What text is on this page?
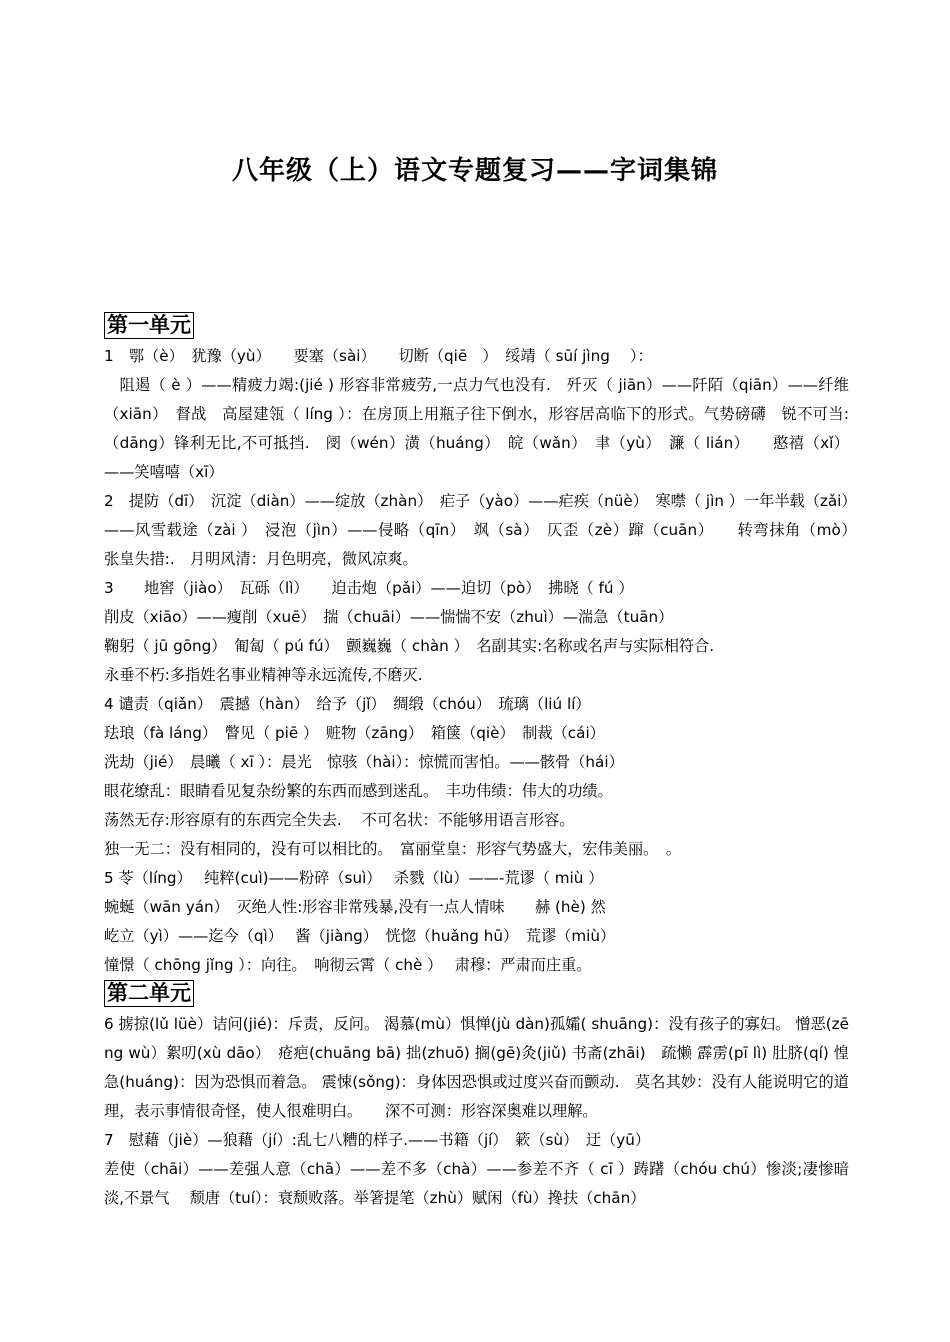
八年级（上）语文专题复习——字词集锦
第一单元
1　鄂（è）　犹豫（yù）　　要塞（sài）　　切断（qiē　）　绥靖（ sūí jìng　 ）：
　阻遏（ è ）——精疲力竭:(jié ) 形容非常疲劳,一点力气也没有.　歼灭（ jiān）——阡陌（qiān）——纤维（xiān）　督战　高屋建瓴（ líng ）：在房顶上用瓶子往下倒水，形容居高临下的形式。气势磅礴　锐不可当:（dāng）锋利无比,不可抵挡.　阌（wén）潢（huáng）　皖（wǎn）　聿（yù）　濂（ lián）　　憨禧（xǐ）——笑嘻嘻（xī）
2　提防（dī）　沉淀（diàn）——绽放（zhàn）　疟子（yào）——疟疾（nüè）　寒噤（ jìn ）一年半载（zǎi）——风雪载途（zài ）　浸泡（jìn）——侵略（qīn）　飒（sà）　仄歪（zè）蹿（cuān）　　转弯抹角（mò）　张皇失措:.　月明风清：月色明亮，微风凉爽。
3　　地窖（jiào）　瓦砾（lì）　　迫击炮（pǎi）——迫切（pò）　拂晓（ fú ）
削皮（xiāo）——瘦削（xuē）　揣（chuāi）——惴惴不安（zhuì）—湍急（tuān）
鞠躬（ jū gōng）　匍匐（ pú fú）　颤巍巍（ chàn ）　名副其实:名称或名声与实际相符合.
永垂不朽:多指姓名事业精神等永远流传,不磨灭.
4 谴责（qiǎn）　震撼（hàn）　给予（jǐ）　绸缎（chóu）　琉璃（liú lí）
珐琅（fà láng）　瞥见（ piē ）　赃物（zāng）　箱箧（qiè）　制裁（cái）
洗劫（jié）　晨曦（ xī ）：晨光　惊骇（hài）：惊慌而害怕。——骸骨（hái）
眼花缭乱：眼睛看见复杂纷繁的东西而感到迷乱。　丰功伟绩：伟大的功绩。
荡然无存:形容原有的东西完全失去.　 不可名状：不能够用语言形容。
独一无二：没有相同的，没有可以相比的。　富丽堂皇：形容气势盛大，宏伟美丽。　。
5 苓（líng）　 纯粹(cuì)——粉碎（suì）　 杀戮（lù）——-荒谬（ miù ）
蜿蜒（wān yán）　灭绝人性:形容非常残暴,没有一点人情味　　赫 (hè) 然
屹立（yì）——迄今（qì）　 酱（jiàng）　恍惚（huǎng hū）　荒谬（miù）
憧憬（ chōng jǐng ）：向往。　响彻云霄（ chè ）　 肃穆：严肃而庄重。
第二单元
6 掳掠(lǔ lüè）诘问(jié)：斥责，反问。 渴慕(mù）惧惮(jù dàn)孤孀( shuāng)：没有孩子的寡妇。 憎恶(zēng wù）絮叨(xù dāo）　疮疤(chuāng bā) 拙(zhuō) 搁(gē)灸(jiǔ) 书斋(zhāi)　疏懒 霹雳(pī lì) 肚脐(qí) 惶急(huáng)：因为恐惧而着急。 震悚(sǒng)：身体因恐惧或过度兴奋而颤动.　莫名其妙：没有人能说明它的道理，表示事情很奇怪，使人很难明白。　　深不可测：形容深奥难以理解。
7　慰藉（jiè）—狼藉（jí）:乱七八糟的样子.——书籍（jí）　簌（sù）　迂（yū）
差使（chāi）——差强人意（chā）——差不多（chà）——参差不齐（ cī ）踌躇（chóu chú）惨淡;凄惨暗淡,不景气　 颓唐（tuí）：衰颓败落。举箸提笔（zhù）赋闲（fù）搀扶（chān）
